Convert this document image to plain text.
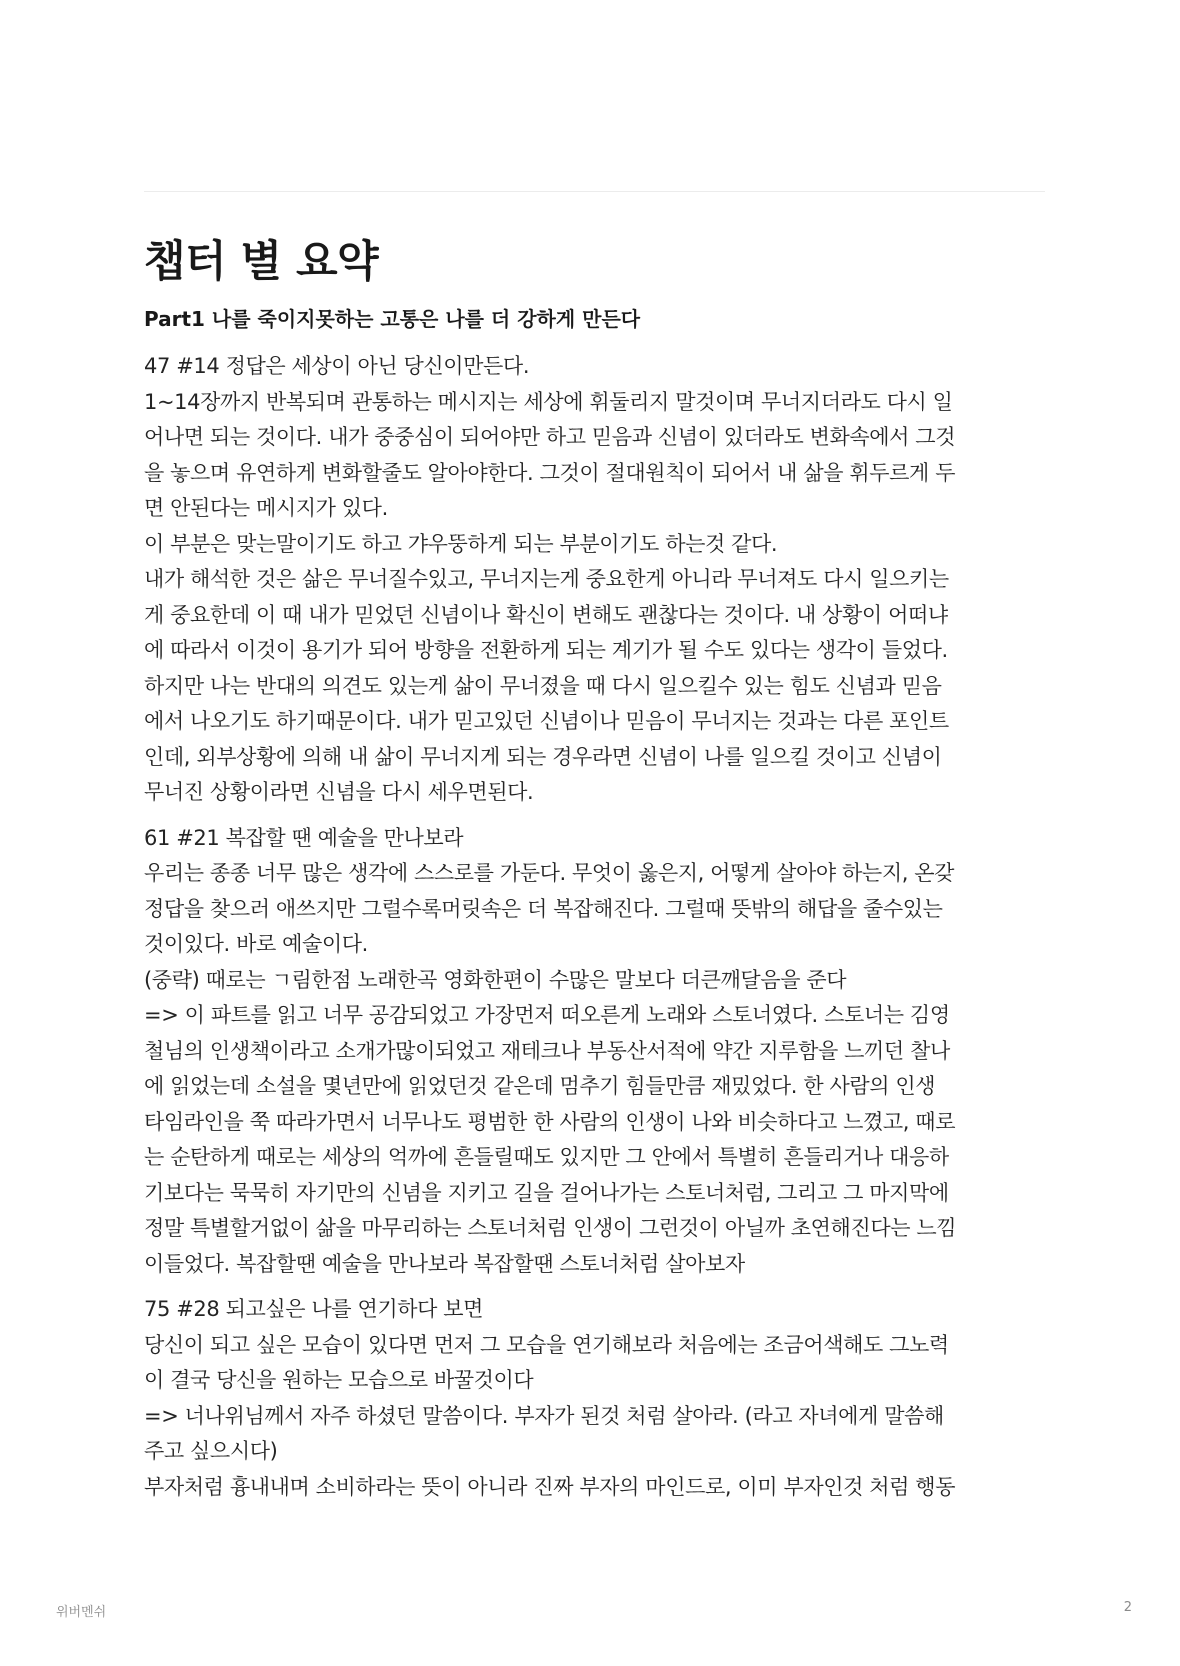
챕터 별 요약
Part1 나를 죽이지못하는 고통은 나를 더 강하게 만든다
47 #14 정답은 세상이 아닌 당신이만든다.
1~14장까지 반복되며 관통하는 메시지는 세상에 휘둘리지 말것이며 무너지더라도 다시 일
어나면 되는 것이다. 내가 중중심이 되어야만 하고 믿음과 신념이 있더라도 변화속에서 그것
을 놓으며 유연하게 변화할줄도 알아야한다. 그것이 절대원칙이 되어서 내 삶을 휘두르게 두
면 안된다는 메시지가 있다.
이 부분은 맞는말이기도 하고 갸우뚱하게 되는 부분이기도 하는것 같다.
내가 해석한 것은 삶은 무너질수있고, 무너지는게 중요한게 아니라 무너져도 다시 일으키는
게 중요한데 이 때 내가 믿었던 신념이나 확신이 변해도 괜찮다는 것이다. 내 상황이 어떠냐
에 따라서 이것이 용기가 되어 방향을 전환하게 되는 계기가 될 수도 있다는 생각이 들었다.
하지만 나는 반대의 의견도 있는게 삶이 무너졌을 때 다시 일으킬수 있는 힘도 신념과 믿음
에서 나오기도 하기때문이다. 내가 믿고있던 신념이나 믿음이 무너지는 것과는 다른 포인트
인데, 외부상황에 의해 내 삶이 무너지게 되는 경우라면 신념이 나를 일으킬 것이고 신념이
무너진 상황이라면 신념을 다시 세우면된다.
61 #21 복잡할 땐 예술을 만나보라
우리는 종종 너무 많은 생각에 스스로를 가둔다. 무엇이 옳은지, 어떻게 살아야 하는지, 온갖
정답을 찾으러 애쓰지만 그럴수록머릿속은 더 복잡해진다. 그럴때 뜻밖의 해답을 줄수있는
것이있다. 바로 예술이다.
(중략) 때로는 ㄱ림한점 노래한곡 영화한편이 수많은 말보다 더큰깨달음을 준다
=> 이 파트를 읽고 너무 공감되었고 가장먼저 떠오른게 노래와 스토너였다. 스토너는 김영
철님의 인생책이라고 소개가많이되었고 재테크나 부동산서적에 약간 지루함을 느끼던 찰나
에 읽었는데 소설을 몇년만에 읽었던것 같은데 멈추기 힘들만큼 재밌었다. 한 사람의 인생
타임라인을 쭉 따라가면서 너무나도 평범한 한 사람의 인생이 나와 비슷하다고 느꼈고, 때로
는 순탄하게 때로는 세상의 억까에 흔들릴때도 있지만 그 안에서 특별히 흔들리거나 대응하
기보다는 묵묵히 자기만의 신념을 지키고 길을 걸어나가는 스토너처럼, 그리고 그 마지막에
정말 특별할거없이 삶을 마무리하는 스토너처럼 인생이 그런것이 아닐까 초연해진다는 느낌
이들었다. 복잡할땐 예술을 만나보라 복잡할땐 스토너처럼 살아보자
75 #28 되고싶은 나를 연기하다 보면
당신이 되고 싶은 모습이 있다면 먼저 그 모습을 연기해보라 처음에는 조금어색해도 그노력
이 결국 당신을 원하는 모습으로 바꿀것이다
=> 너나위님께서 자주 하셨던 말씀이다. 부자가 된것 처럼 살아라. (라고 자녀에게 말씀해
주고 싶으시다)
부자처럼 흉내내며 소비하라는 뜻이 아니라 진짜 부자의 마인드로, 이미 부자인것 처럼 행동
위버멘쉬	2
